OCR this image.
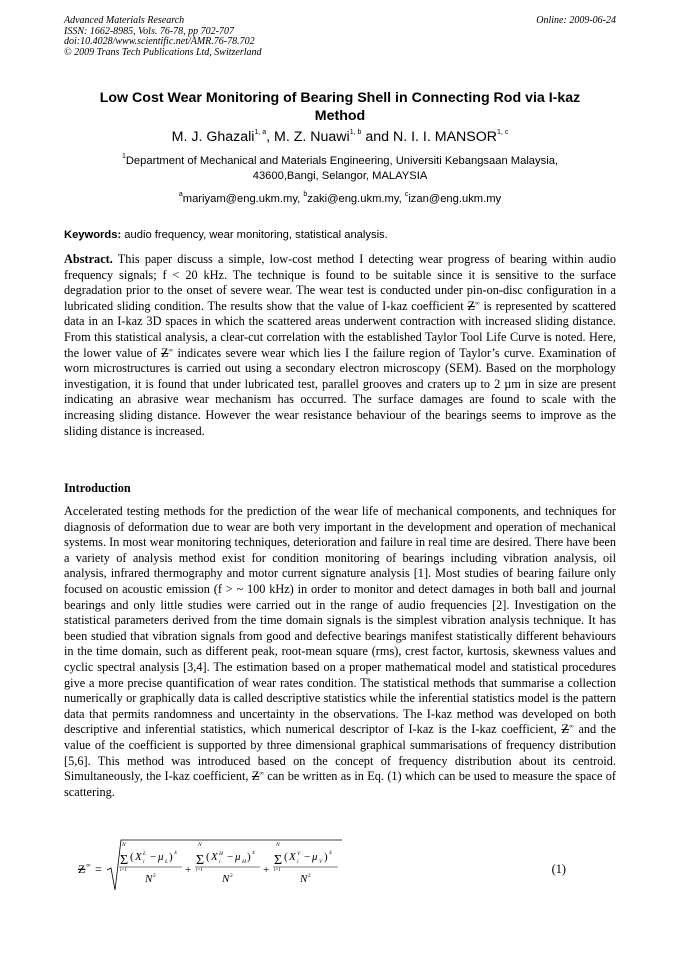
Advanced Materials Research
ISSN: 1662-8985, Vols. 76-78, pp 702-707
doi:10.4028/www.scientific.net/AMR.76-78.702
© 2009 Trans Tech Publications Ltd, Switzerland
Online: 2009-06-24
Low Cost Wear Monitoring of Bearing Shell in Connecting Rod via I-kaz
Method
M. J. Ghazali$^{1, a}$, M. Z. Nuawi$^{1, b}$ and N. I. I. MANSOR$^{1, c}$
$^1$Department of Mechanical and Materials Engineering, Universiti Kebangsaan Malaysia,
43600,Bangi, Selangor, MALAYSIA
$^a$mariyam@eng.ukm.my, $^b$zaki@eng.ukm.my, $^c$izan@eng.ukm.my
Keywords: audio frequency, wear monitoring, statistical analysis.
Abstract. This paper discuss a simple, low-cost method I detecting wear progress of bearing within audio frequency signals; f < 20 kHz. The technique is found to be suitable since it is sensitive to the surface degradation prior to the onset of severe wear. The wear test is conducted under pin-on-disc configuration in a lubricated sliding condition. The results show that the value of I-kaz coefficient Z∞ is represented by scattered data in an I-kaz 3D spaces in which the scattered areas underwent contraction with increased sliding distance. From this statistical analysis, a clear-cut correlation with the established Taylor Tool Life Curve is noted. Here, the lower value of Z∞ indicates severe wear which lies I the failure region of Taylor’s curve. Examination of worn microstructures is carried out using a secondary electron microscopy (SEM). Based on the morphology investigation, it is found that under lubricated test, parallel grooves and craters up to 2 µm in size are present indicating an abrasive wear mechanism has occurred. The surface damages are found to scale with the increasing sliding distance. However the wear resistance behaviour of the bearings seems to improve as the sliding distance is increased.
Introduction
Accelerated testing methods for the prediction of the wear life of mechanical components, and techniques for diagnosis of deformation due to wear are both very important in the development and operation of mechanical systems. In most wear monitoring techniques, deterioration and failure in real time are desired. There have been a variety of analysis method exist for condition monitoring of bearings including vibration analysis, oil analysis, infrared thermography and motor current signature analysis [1]. Most studies of bearing failure only focused on acoustic emission (f > ~ 100 kHz) in order to monitor and detect damages in both ball and journal bearings and only little studies were carried out in the range of audio frequencies [2]. Investigation on the statistical parameters derived from the time domain signals is the simplest vibration analysis technique. It has been studied that vibration signals from good and defective bearings manifest statistically different behaviours in the time domain, such as different peak, root-mean square (rms), crest factor, kurtosis, skewness values and cyclic spectral analysis [3,4]. The estimation based on a proper mathematical model and statistical procedures give a more precise quantification of wear rates condition. The statistical methods that summarise a collection numerically or graphically data is called descriptive statistics while the inferential statistics model is the pattern data that permits randomness and uncertainty in the observations. The I-kaz method was developed on both descriptive and inferential statistics, which numerical descriptor of I-kaz is the I-kaz coefficient, Z∞ and the value of the coefficient is supported by three dimensional graphical summarisations of frequency distribution [5,6]. This method was introduced based on the concept of frequency distribution about its centroid. Simultaneously, the I-kaz coefficient, Z∞ can be written as in Eq. (1) which can be used to measure the space of scattering.
Z ∞ =
N
Σ
i=1
( X L
i − μ L ) 4
N 2	+
N
Σ
i=1
( X H
i − μ H ) 4
N 2	+
N
Σ
i=1
( X V
i − μ V ) 4
N 2	(1)
